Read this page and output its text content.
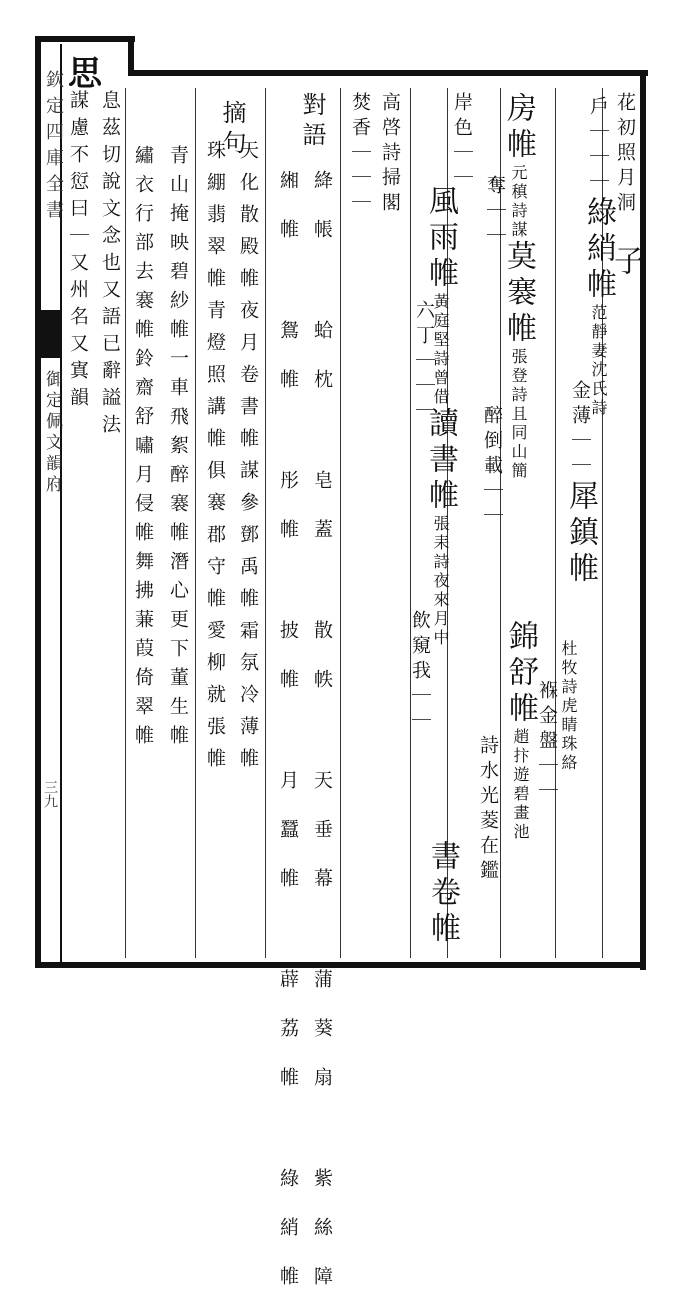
欽定四庫全書
御定佩文韻府
三九
花初照月洞 子
戶｜｜｜綠綃帷范靜妻沈氏詩
金薄｜｜犀鎮帷
杜牧詩虎睛珠絡
褓金盤｜｜
房帷元稹詩謀莫褰帷張登詩且同山簡
奪｜｜
醉倒載｜｜
錦舒帷趙抃遊碧畫池
詩水光菱在鑑
岸色｜｜
風雨帷黃庭堅詩曾借讀書帷張耒詩夜來月中
六丁｜｜｜
飲窺我｜｜
書卷帷
高啓詩掃閣
焚香｜｜｜
對語
絳帳 蛤枕 皂蓋 散帙 天垂幕 蒲葵扇 紫絲障
緗帷 鴛帷 彤帷 披帷 月蠶帷 薜荔帷 綠綃帷
摘句
天化散殿帷夜月卷書帷謀參鄧禹帷霜氛冷薄帷
珠綳翡翠帷青燈照講帷俱褰郡守帷愛柳就張帷
青山掩映碧紗帷一車飛絮醉褰帷潛心更下董生帷
繡衣行部去褰帷鈴齋舒嘯月侵帷舞拂蒹葭倚翠帷
思
息茲切說文念也又語已辭謚法
謀慮不愆曰｜又州名又寘韻
